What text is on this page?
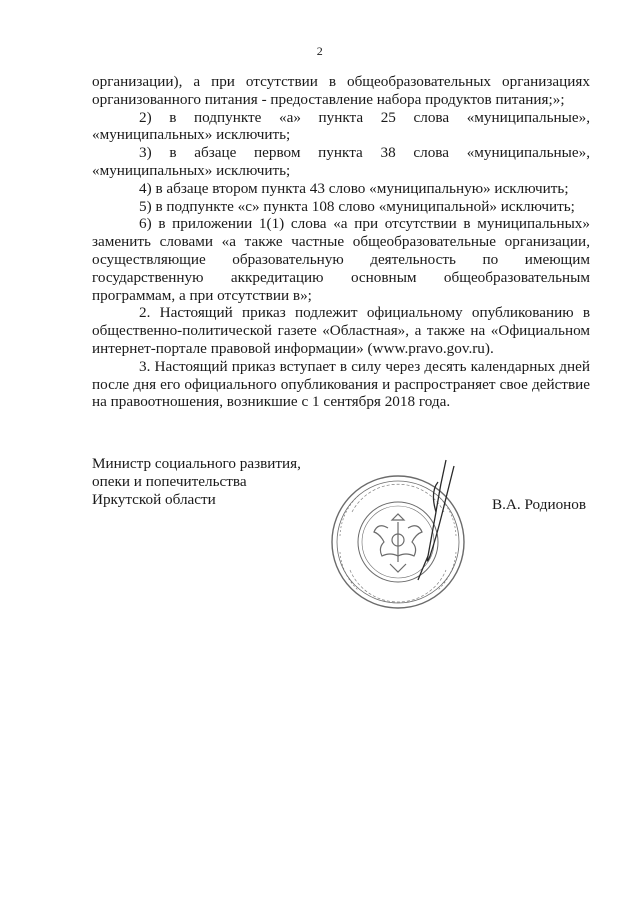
2

организации), а при отсутствии в общеобразовательных организациях организованного питания - предоставление набора продуктов питания;»;

2) в подпункте «а» пункта 25 слова «муниципальные», «муниципальных» исключить;

3) в абзаце первом пункта 38 слова «муниципальные», «муниципальных» исключить;

4) в абзаце втором пункта 43 слово «муниципальную» исключить;

5) в подпункте «с» пункта 108 слово «муниципальной» исключить;

6) в приложении 1(1) слова «а при отсутствии в муниципальных» заменить словами «а также частные общеобразовательные организации, осуществляющие образовательную деятельность по имеющим государственную аккредитацию основным общеобразовательным программам, а при отсутствии в»;

2. Настоящий приказ подлежит официальному опубликованию в общественно-политической газете «Областная», а также на «Официальном интернет-портале правовой информации» (www.pravo.gov.ru).

3. Настоящий приказ вступает в силу через десять календарных дней после дня его официального опубликования и распространяет свое действие на правоотношения, возникшие с 1 сентября 2018 года.

Министр социального развития,
опеки и попечительства
Иркутской области	В.А. Родионов
